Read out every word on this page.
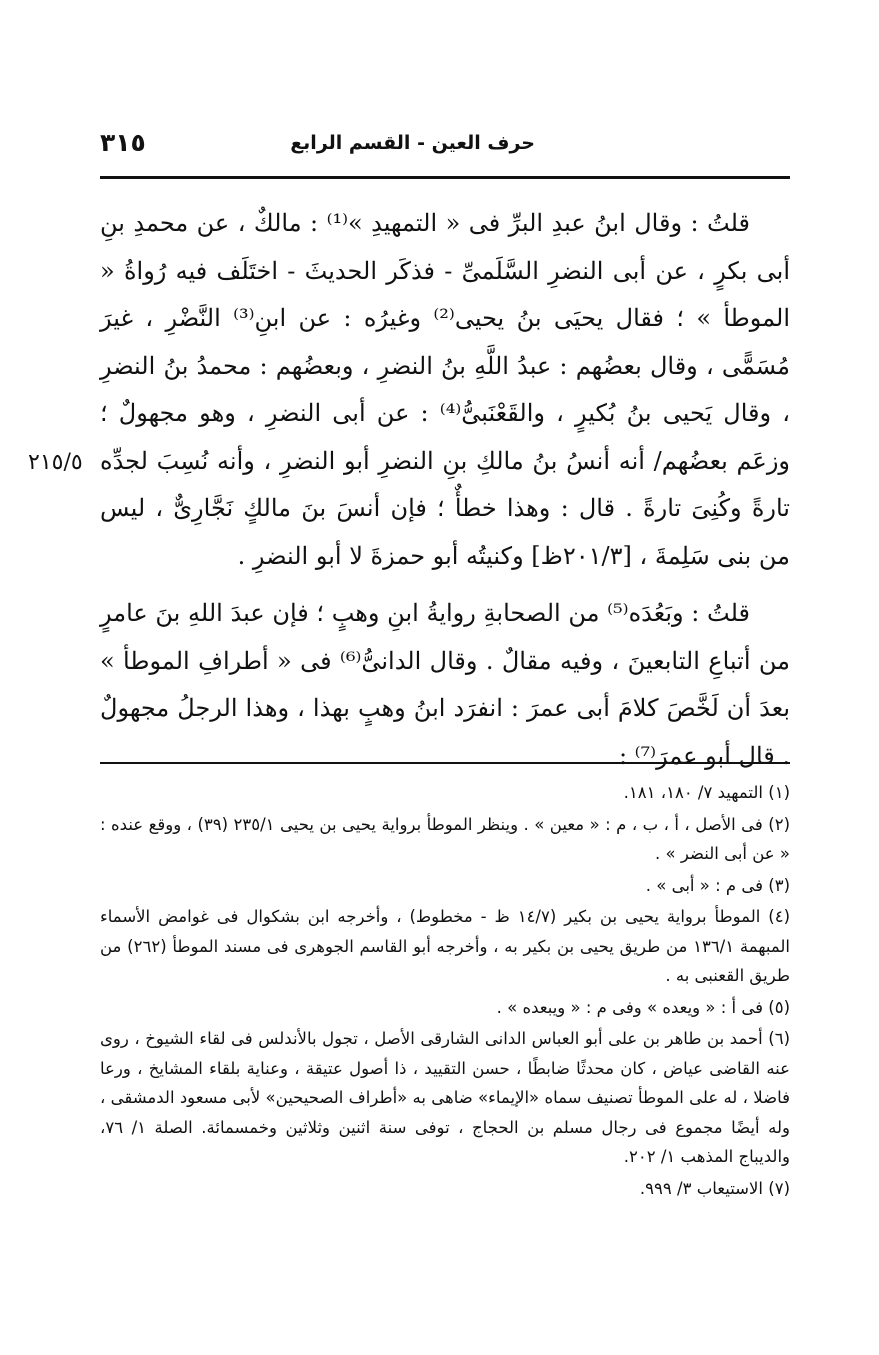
حرف العين - القسم الرابع
٣١٥
٢١٥/٥

قلتُ : وقال ابنُ عبدِ البرِّ فى « التمهيدِ »⁽¹⁾ : مالكٌ ، عن محمدِ بنِ أبى بكرٍ ، عن أبى النضرِ السَّلَمىِّ - فذكَر الحديثَ - اختَلَف فيه رُواةُ « الموطأ » ؛ فقال يحيَى بنُ يحيى⁽²⁾ وغيرُه : عن ابنِ⁽³⁾ النَّضْرِ ، غيرَ مُسَمًّى ، وقال بعضُهم : عبدُ اللَّهِ بنُ النضرِ ، وبعضُهم : محمدُ بنُ النضرِ ، وقال يَحيى بنُ بُكيرٍ ، والقَعْنَبىُّ⁽⁴⁾ : عن أبى النضرِ ، وهو مجهولٌ ؛ وزعَم بعضُهم/ أنه أنسُ بنُ مالكِ بنِ النضرِ أبو النضرِ ، وأنه نُسِبَ لجدِّه تارةً وكُنِىَ تارةً . قال : وهذا خطأٌ ؛ فإن أنسَ بنَ مالكٍ نَجَّارِىٌّ ، ليس من بنى سَلِمةَ ، [٢٠١/٣ظ] وكنيتُه أبو حمزةَ لا أبو النضرِ .

قلتُ : وبَعُدَه⁽⁵⁾ من الصحابةِ روايةُ ابنِ وهبٍ ؛ فإن عبدَ اللهِ بنَ عامرٍ من أتباعِ التابعينَ ، وفيه مقالٌ . وقال الدانىُّ⁽⁶⁾ فى « أطرافِ الموطأ » بعدَ أن لَخَّصَ كلامَ أبى عمرَ : انفرَد ابنُ وهبٍ بهذا ، وهذا الرجلُ مجهولٌ . قال أبو عمرَ⁽⁷⁾ :

(١) التمهيد ٧/ ١٨٠، ١٨١.

(٢) فى الأصل ، أ ، ب ، م : « معين » . وينظر الموطأ برواية يحيى بن يحيى ٢٣٥/١ (٣٩) ، ووقع عنده : « عن أبى النضر » .

(٣) فى م : « أبى » .

(٤) الموطأ برواية يحيى بن بكير (١٤/٧ ظ - مخطوط) ، وأخرجه ابن بشكوال فى غوامض الأسماء المبهمة ١٣٦/١ من طريق يحيى بن بكير به ، وأخرجه أبو القاسم الجوهرى فى مسند الموطأ (٢٦٢) من طريق القعنبى به .

(٥) فى أ : « ويعده » وفى م : « ويبعده » .

(٦) أحمد بن طاهر بن على أبو العباس الدانى الشارقى الأصل ، تجول بالأندلس فى لقاء الشيوخ ، روى عنه القاضى عياض ، كان محدثًا ضابطًا ، حسن التقييد ، ذا أصول عتيقة ، وعناية بلقاء المشايخ ، ورعا فاضلا ، له على الموطأ تصنيف سماه «الإيماء» ضاهى به «أطراف الصحيحين» لأبى مسعود الدمشقى ، وله أيضًا مجموع فى رجال مسلم بن الحجاج ، توفى سنة اثنين وثلاثين وخمسمائة. الصلة ١/ ٧٦، والديباج المذهب ١/ ٢٠٢.

(٧) الاستيعاب ٣/ ٩٩٩.
